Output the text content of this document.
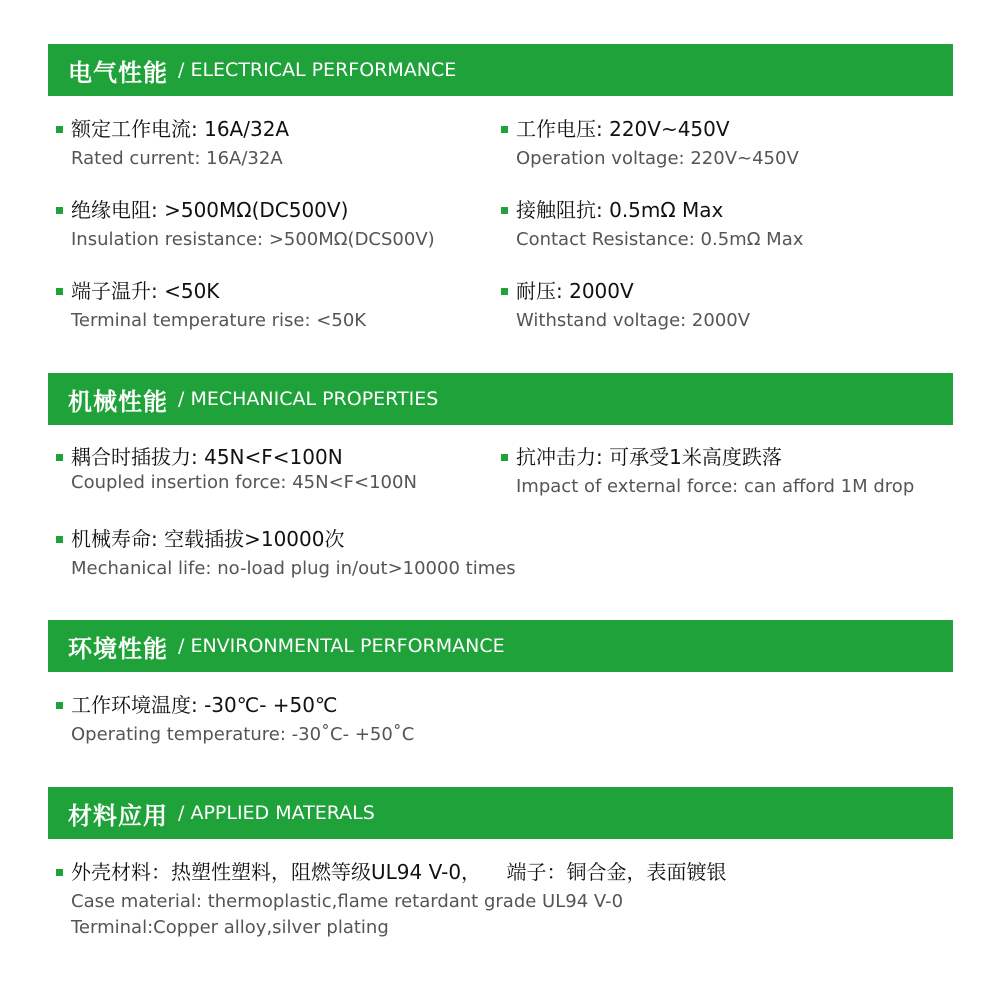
电气性能 / ELECTRICAL PERFORMANCE
额定工作电流: 16A/32A
Rated current: 16A/32A
工作电压: 220V~450V
Operation voltage: 220V~450V
绝缘电阻: >500MΩ(DC500V)
Insulation resistance: >500MΩ(DCS00V)
接触阻抗: 0.5mΩ Max
Contact Resistance: 0.5mΩ Max
端子温升: <50K
Terminal temperature rise: <50K
耐压: 2000V
Withstand voltage: 2000V
机械性能 / MECHANICAL PROPERTIES
耦合时插拔力: 45N<F<100N
Coupled insertion force: 45N<F<100N
抗冲击力: 可承受1米高度跌落
Impact of external force: can afford 1M drop
机械寿命: 空载插拔>10000次
Mechanical life: no-load plug in/out>10000 times
环境性能 / ENVIRONMENTAL PERFORMANCE
工作环境温度: -30℃- +50℃
Operating temperature: -30˚C- +50˚C
材料应用 / APPLIED MATERALS
外壳材料：热塑性塑料，阻燃等级UL94 V-0，    端子：铜合金，表面镀银
Case material: thermoplastic,flame retardant grade UL94 V-0
Terminal:Copper alloy,silver plating
